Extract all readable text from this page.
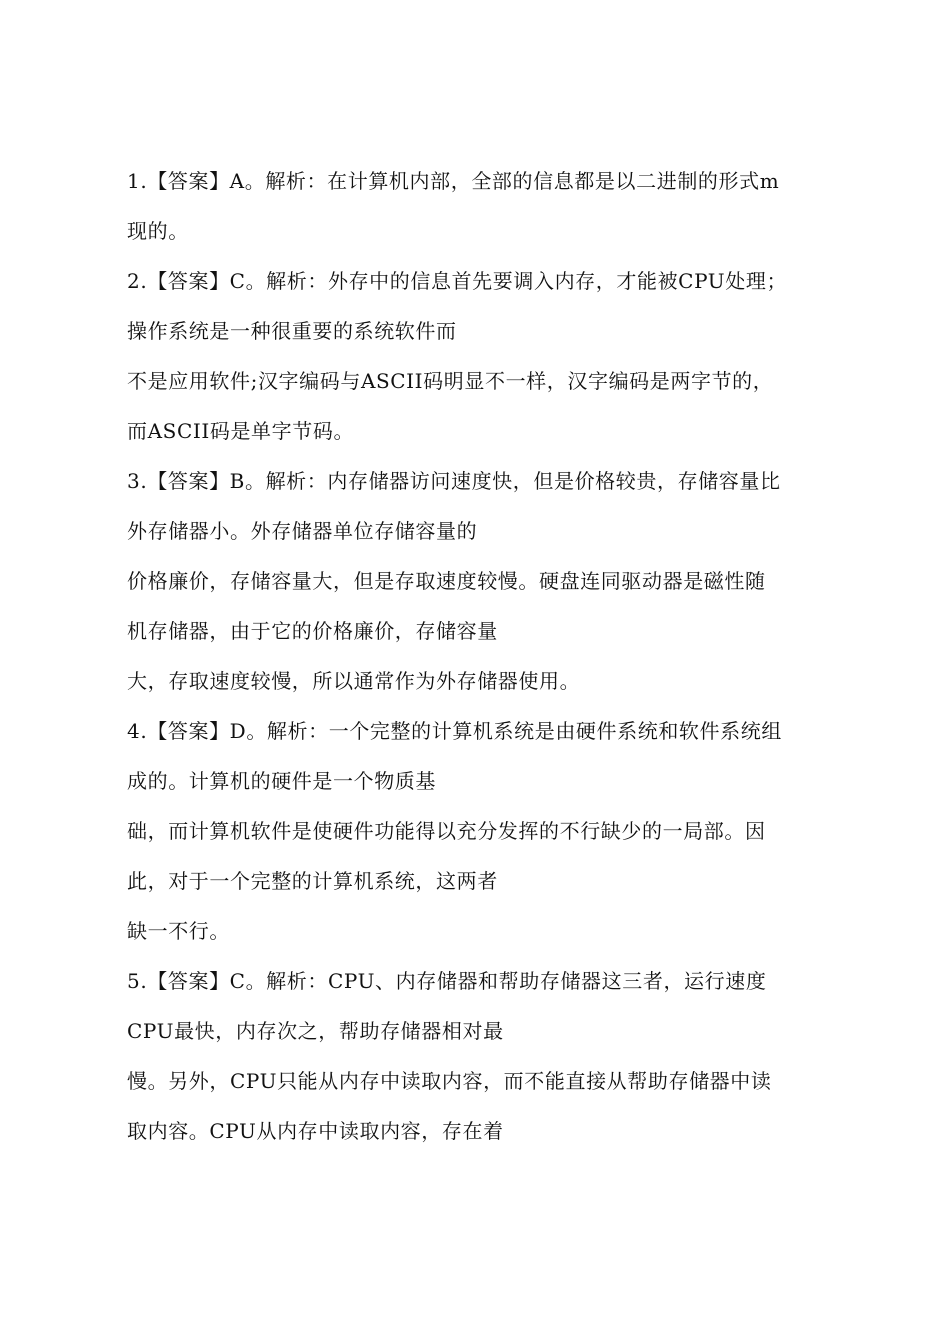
1.【答案】A。解析：在计算机内部，全部的信息都是以二进制的形式m
现的。
2.【答案】C。解析：外存中的信息首先要调入内存，才能被CPU处理；
操作系统是一种很重要的系统软件而
不是应用软件;汉字编码与ASCII码明显不一样，汉字编码是两字节的，
而ASCII码是单字节码。
3.【答案】B。解析：内存储器访问速度快，但是价格较贵，存储容量比
外存储器小。外存储器单位存储容量的
价格廉价，存储容量大，但是存取速度较慢。硬盘连同驱动器是磁性随
机存储器，由于它的价格廉价，存储容量
大，存取速度较慢，所以通常作为外存储器使用。
4.【答案】D。解析：一个完整的计算机系统是由硬件系统和软件系统组
成的。计算机的硬件是一个物质基
础，而计算机软件是使硬件功能得以充分发挥的不行缺少的一局部。因
此，对于一个完整的计算机系统，这两者
缺一不行。
5.【答案】C。解析：CPU、内存储器和帮助存储器这三者，运行速度
CPU最快，内存次之，帮助存储器相对最
慢。另外，CPU只能从内存中读取内容，而不能直接从帮助存储器中读
取内容。CPU从内存中读取内容，存在着
